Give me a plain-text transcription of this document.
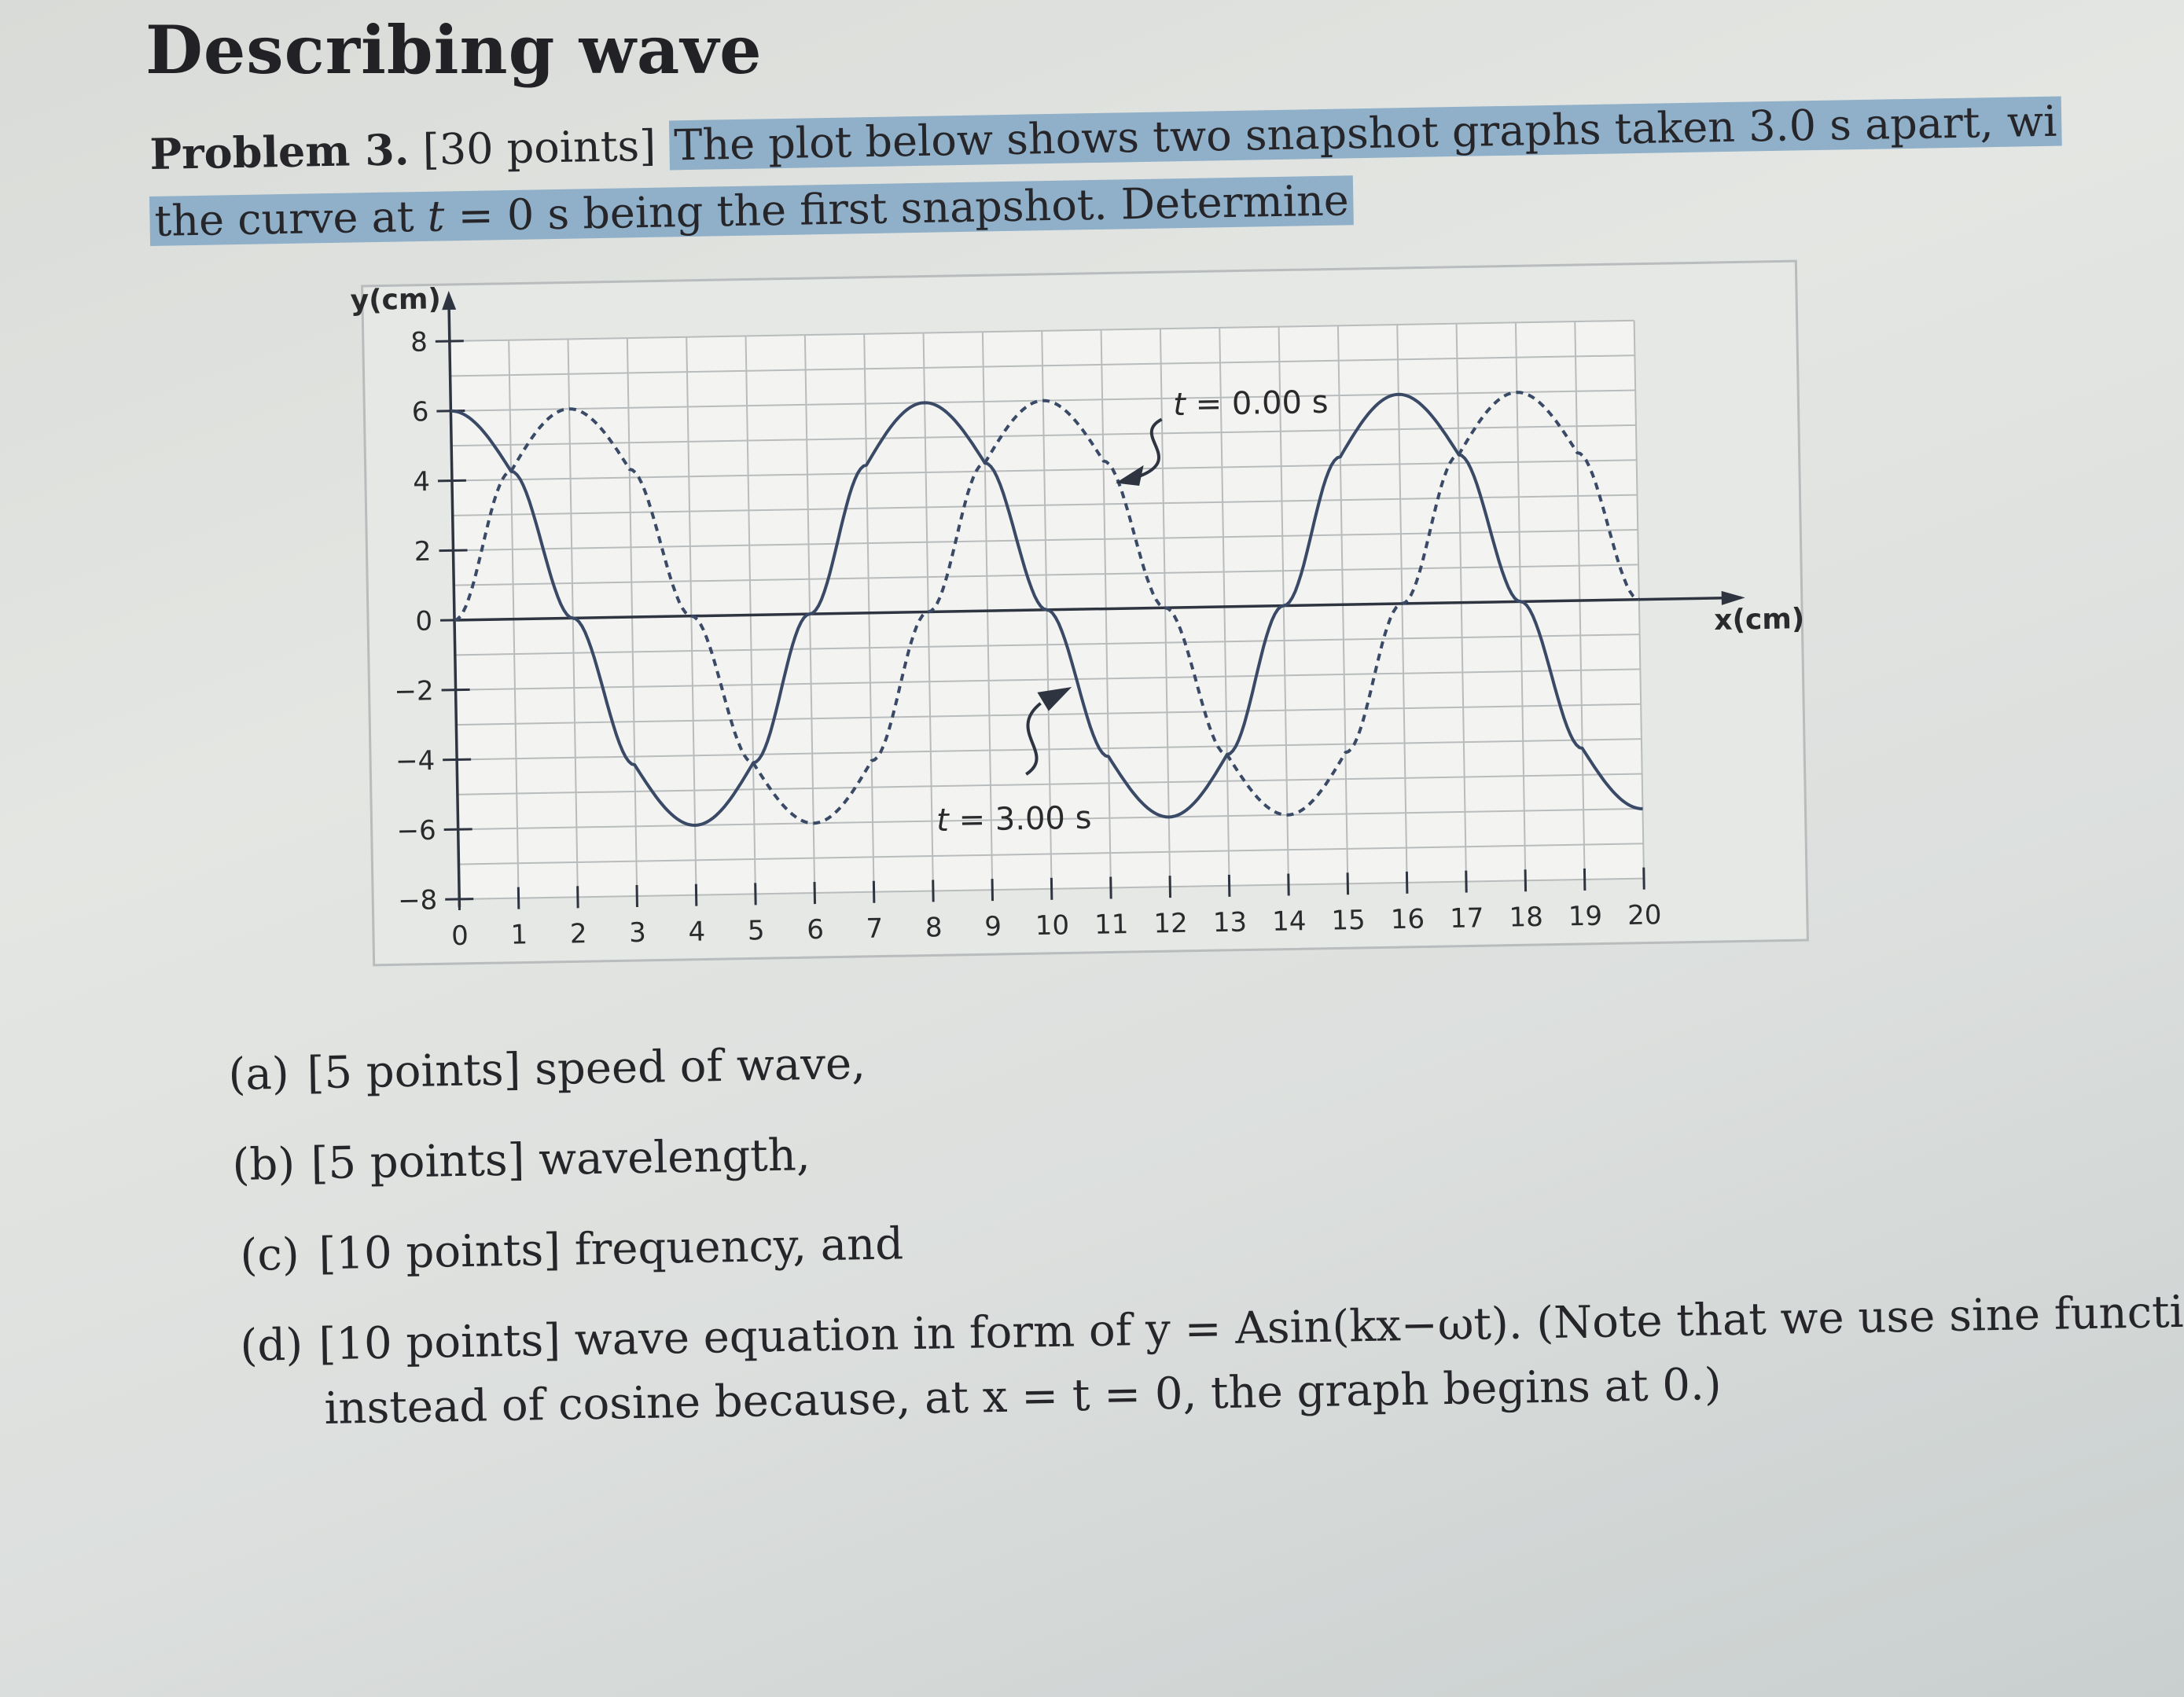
Describing wave
Problem 3. [30 points] The plot below shows two snapshot graphs taken 3.0 s apart, wi
the curve at t = 0 s being the first snapshot. Determine
8
6
4
2
0
−2
−4
−6
−8
0 1 2 3 4 5 6 7 8 9 10 11 12 13 14 15 16 17 18 19 20
y(cm)
x(cm)
t = 0.00 s
t = 3.00 s
(a) [5 points] speed of wave,
(b) [5 points] wavelength,
(c) [10 points] frequency, and
(d) [10 points] wave equation in form of y = Asin(kx−ωt). (Note that we use sine functi
instead of cosine because, at x = t = 0, the graph begins at 0.)
